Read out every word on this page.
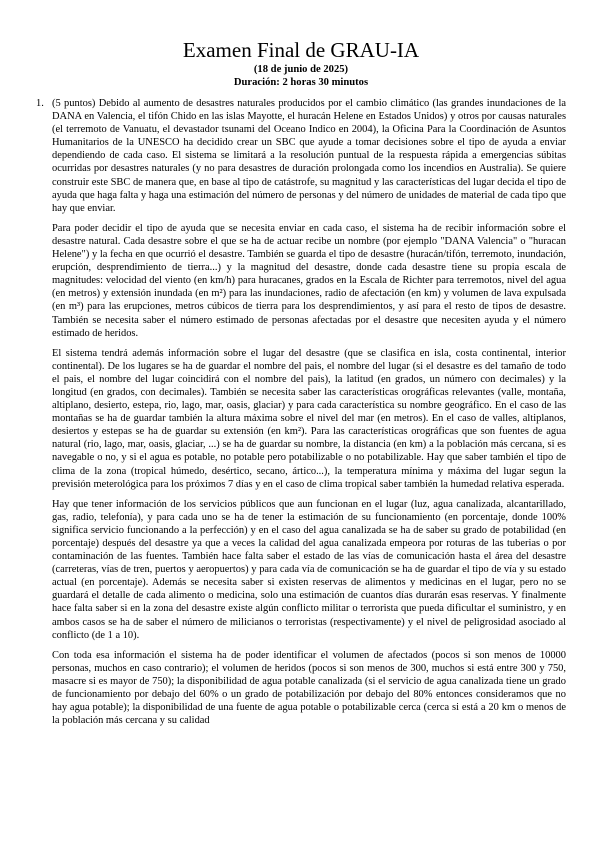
Examen Final de GRAU-IA
(18 de junio de 2025)
Duración: 2 horas 30 minutos
1. (5 puntos) Debido al aumento de desastres naturales producidos por el cambio climático (las grandes inundaciones de la DANA en Valencia, el tifón Chido en las islas Mayotte, el huracán Helene en Estados Unidos) y otros por causas naturales (el terremoto de Vanuatu, el devastador tsunami del Oceano Indico en 2004), la Oficina Para la Coordinación de Asuntos Humanitarios de la UNESCO ha decidido crear un SBC que ayude a tomar decisiones sobre el tipo de ayuda a enviar dependiendo de cada caso. El sistema se limitará a la resolución puntual de la respuesta rápida a emergencias súbitas ocurridas por desastres naturales (y no para desastres de duración prolongada como los incendios en Australia). Se quiere construir este SBC de manera que, en base al tipo de catástrofe, su magnitud y las características del lugar decida el tipo de ayuda que haga falta y haga una estimación del número de personas y del número de unidades de material de cada tipo que hay que enviar.

Para poder decidir el tipo de ayuda que se necesita enviar en cada caso, el sistema ha de recibir información sobre el desastre natural. Cada desastre sobre el que se ha de actuar recibe un nombre (por ejemplo "DANA Valencia" o "huracan Helene") y la fecha en que ocurrió el desastre. También se guarda el tipo de desastre (huracán/tifón, terremoto, inundación, erupción, desprendimiento de tierra...) y la magnitud del desastre, donde cada desastre tiene su propia escala de magnitudes: velocidad del viento (en km/h) para huracanes, grados en la Escala de Richter para terremotos, nivel del agua (en metros) y extensión inundada (en m²) para las inundaciones, radio de afectación (en km) y volumen de lava expulsada (en m³) para las erupciones, metros cúbicos de tierra para los desprendimientos, y así para el resto de tipos de desastre. También se necesita saber el número estimado de personas afectadas por el desastre que necesiten ayuda y el número estimado de heridos.

El sistema tendrá además información sobre el lugar del desastre (que se clasifica en isla, costa continental, interior continental). De los lugares se ha de guardar el nombre del pais, el nombre del lugar (si el desastre es del tamaño de todo el pais, el nombre del lugar coincidirá con el nombre del pais), la latitud (en grados, un número con decimales) y la longitud (en grados, con decimales). También se necesita saber las características orográficas relevantes (valle, montaña, altiplano, desierto, estepa, rio, lago, mar, oasis, glaciar) y para cada característica su nombre geográfico. En el caso de las montañas se ha de guardar también la altura máxima sobre el nivel del mar (en metros). En el caso de valles, altiplanos, desiertos y estepas se ha de guardar su extensión (en km²). Para las características orográficas que son fuentes de agua natural (rio, lago, mar, oasis, glaciar, ...) se ha de guardar su nombre, la distancia (en km) a la población más cercana, si es navegable o no, y si el agua es potable, no potable pero potabilizable o no potabilizable. Hay que saber también el tipo de clima de la zona (tropical húmedo, desértico, secano, ártico...), la temperatura mínima y máxima del lugar segun la previsión meterológica para los próximos 7 días y en el caso de clima tropical saber también la humedad relativa esperada.

Hay que tener información de los servicios públicos que aun funcionan en el lugar (luz, agua canalizada, alcantarillado, gas, radio, telefonía), y para cada uno se ha de tener la estimación de su funcionamiento (en porcentaje, donde 100% significa servicio funcionando a la perfección) y en el caso del agua canalizada se ha de saber su grado de potabilidad (en porcentaje) después del desastre ya que a veces la calidad del agua canalizada empeora por roturas de las tuberias o por contaminación de las fuentes. También hace falta saber el estado de las vías de comunicación hasta el área del desastre (carreteras, vías de tren, puertos y aeropuertos) y para cada vía de comunicación se ha de guardar el tipo de vía y su estado actual (en porcentaje). Además se necesita saber si existen reservas de alimentos y medicinas en el lugar, pero no se guardará el detalle de cada alimento o medicina, solo una estimación de cuantos días durarán esas reservas. Y finalmente hace falta saber si en la zona del desastre existe algún conflicto militar o terrorista que pueda dificultar el suministro, y en ambos casos se ha de saber el número de milicianos o terroristas (respectivamente) y el nivel de peligrosidad asociado al conflicto (de 1 a 10).

Con toda esa información el sistema ha de poder identificar el volumen de afectados (pocos si son menos de 10000 personas, muchos en caso contrario); el volumen de heridos (pocos si son menos de 300, muchos si está entre 300 y 750, masacre si es mayor de 750); la disponibilidad de agua potable canalizada (si el servicio de agua canalizada tiene un grado de funcionamiento por debajo del 60% o un grado de potabilización por debajo del 80% entonces consideramos que no hay agua potable); la disponibilidad de una fuente de agua potable o potabilizable cerca (cerca si está a 20 km o menos de la población más cercana y su calidad
